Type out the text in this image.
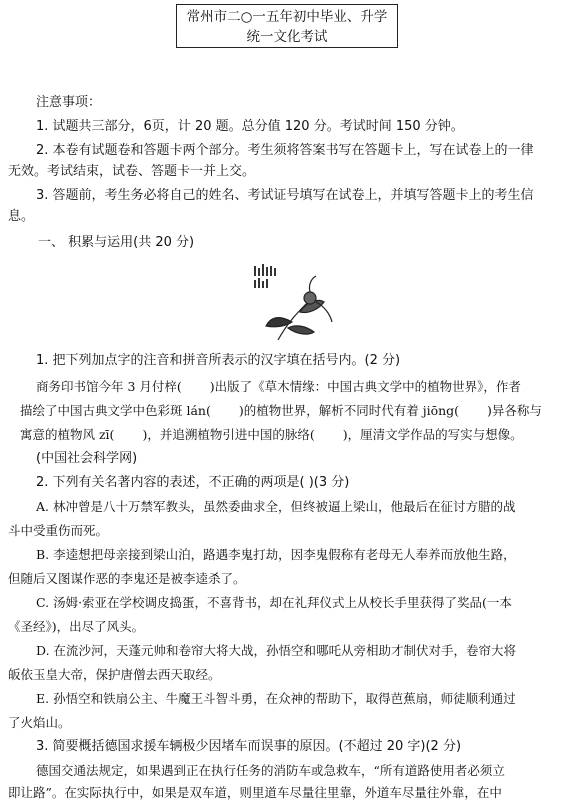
常州市二○一五年初中毕业、升学
统一文化考试
注意事项：
1. 试题共三部分，6页，计 20 题。总分值 120 分。考试时间 150 分钟。
2. 本卷有试题卷和答题卡两个部分。考生须将答案书写在答题卡上，写在试卷上的一律
无效。考试结束，试卷、答题卡一并上交。
3. 答题前，考生务必将自己的姓名、考试证号填写在试卷上，并填写答题卡上的考生信
息。
一、 积累与运用(共 20 分)
1. 把下列加点字的注音和拼音所表示的汉字填在括号内。(2 分)
商务印书馆今年 3 月付梓( )出版了《草木情缘：中国古典文学中的植物世界》，作者
描绘了中国古典文学中色彩斑 lán( )的植物世界，解析不同时代有着 jiōng( )异各称与
寓意的植物风 zī( )，并追溯植物引进中国的脉络( )，厘清文学作品的写实与想像。
(中国社会科学网)
2. 下列有关名著内容的表述，不正确的两项是( )(3 分)
A. 林冲曾是八十万禁军教头，虽然委曲求全，但终被逼上梁山，他最后在征讨方腊的战
斗中受重伤而死。
B. 李逵想把母亲接到梁山泊，路遇李鬼打劫，因李鬼假称有老母无人奉养而放他生路，
但随后又图谋作恶的李鬼还是被李逵杀了。
C. 汤姆·索亚在学校调皮捣蛋，不喜背书，却在礼拜仪式上从校长手里获得了奖品(一本
《圣经》)，出尽了风头。
D. 在流沙河，天蓬元帅和卷帘大将大战，孙悟空和哪吒从旁相助才制伏对手，卷帘大将
皈依玉皇大帝，保护唐僧去西天取经。
E. 孙悟空和铁扇公主、牛魔王斗智斗勇，在众神的帮助下，取得芭蕉扇，师徒顺利通过
了火焰山。
3. 简要概括德国求援车辆极少因堵车而误事的原因。(不超过 20 字)(2 分)
德国交通法规定，如果遇到正在执行任务的消防车或急救车，“所有道路使用者必须立
即让路”。在实际执行中，如果是双车道，则里道车尽量往里靠，外道车尽量往外靠，在中
